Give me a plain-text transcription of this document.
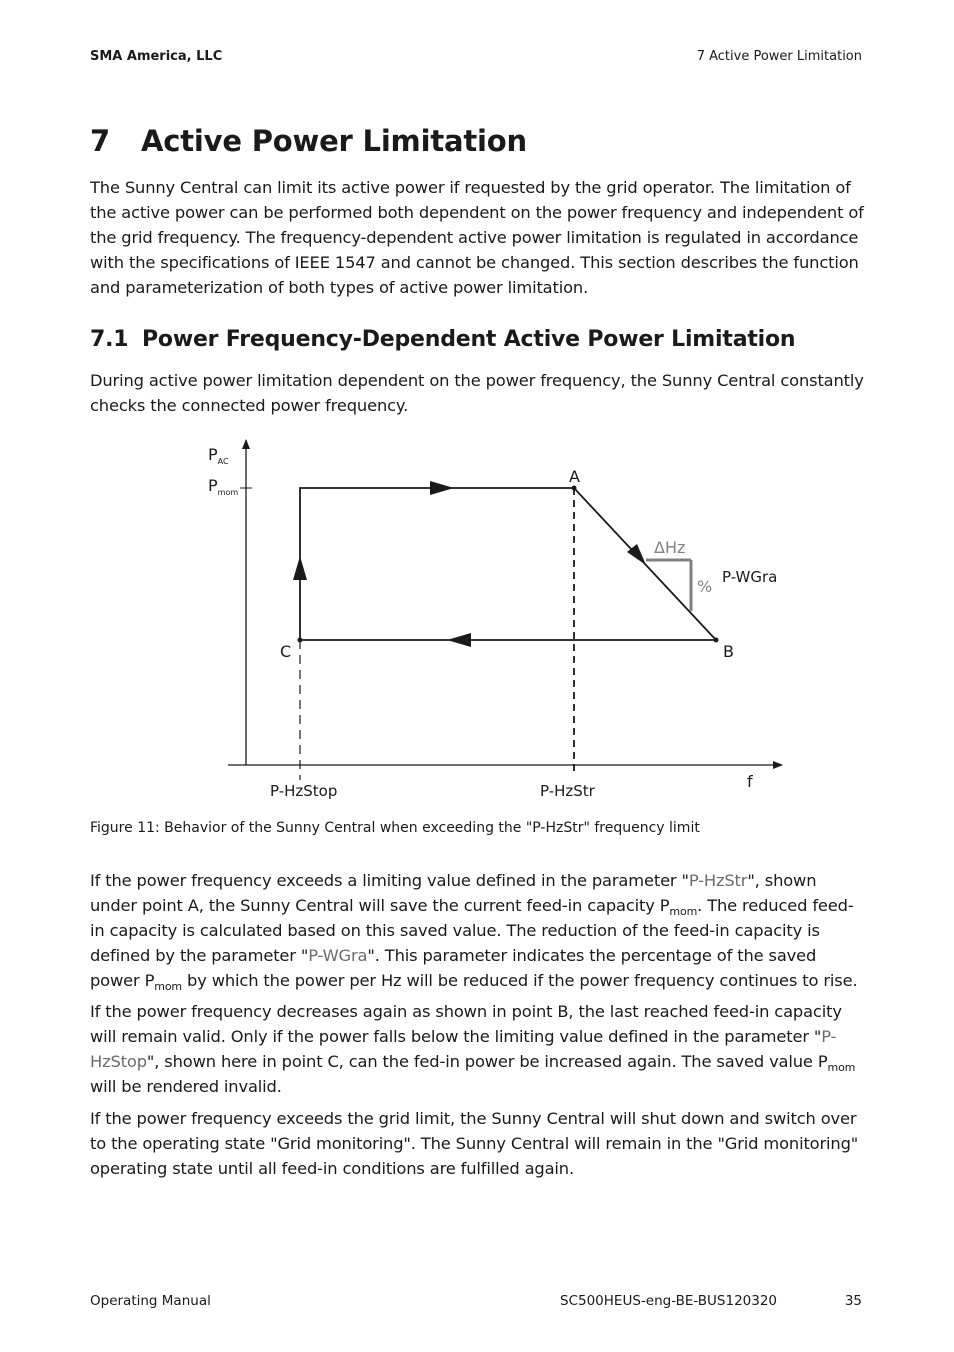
SMA America, LLC	7 Active Power Limitation
7 Active Power Limitation

The Sunny Central can limit its active power if requested by the grid operator. The limitation of the active power can be performed both dependent on the power frequency and independent of the grid frequency. The frequency-dependent active power limitation is regulated in accordance with the specifications of IEEE 1547 and cannot be changed. This section describes the function and parameterization of both types of active power limitation.

7.1 Power Frequency-Dependent Active Power Limitation

During active power limitation dependent on the power frequency, the Sunny Central constantly checks the connected power frequency.

$P_{AC}$
$P_{mom}$
A
B
C
ΔHz
% P-WGra
P-HzStop	P-HzStr	f

Figure 11: Behavior of the Sunny Central when exceeding the "P-HzStr" frequency limit

If the power frequency exceeds a limiting value defined in the parameter "P-HzStr", shown under point A, the Sunny Central will save the current feed-in capacity $P_{mom}$. The reduced feed-in capacity is calculated based on this saved value. The reduction of the feed-in capacity is defined by the parameter "P-WGra". This parameter indicates the percentage of the saved power $P_{mom}$ by which the power per Hz will be reduced if the power frequency continues to rise.

If the power frequency decreases again as shown in point B, the last reached feed-in capacity will remain valid. Only if the power falls below the limiting value defined in the parameter "P-HzStop", shown here in point C, can the fed-in power be increased again. The saved value $P_{mom}$ will be rendered invalid.

If the power frequency exceeds the grid limit, the Sunny Central will shut down and switch over to the operating state "Grid monitoring". The Sunny Central will remain in the "Grid monitoring" operating state until all feed-in conditions are fulfilled again.

Operating Manual	SC500HEUS-eng-BE-BUS120320	35
